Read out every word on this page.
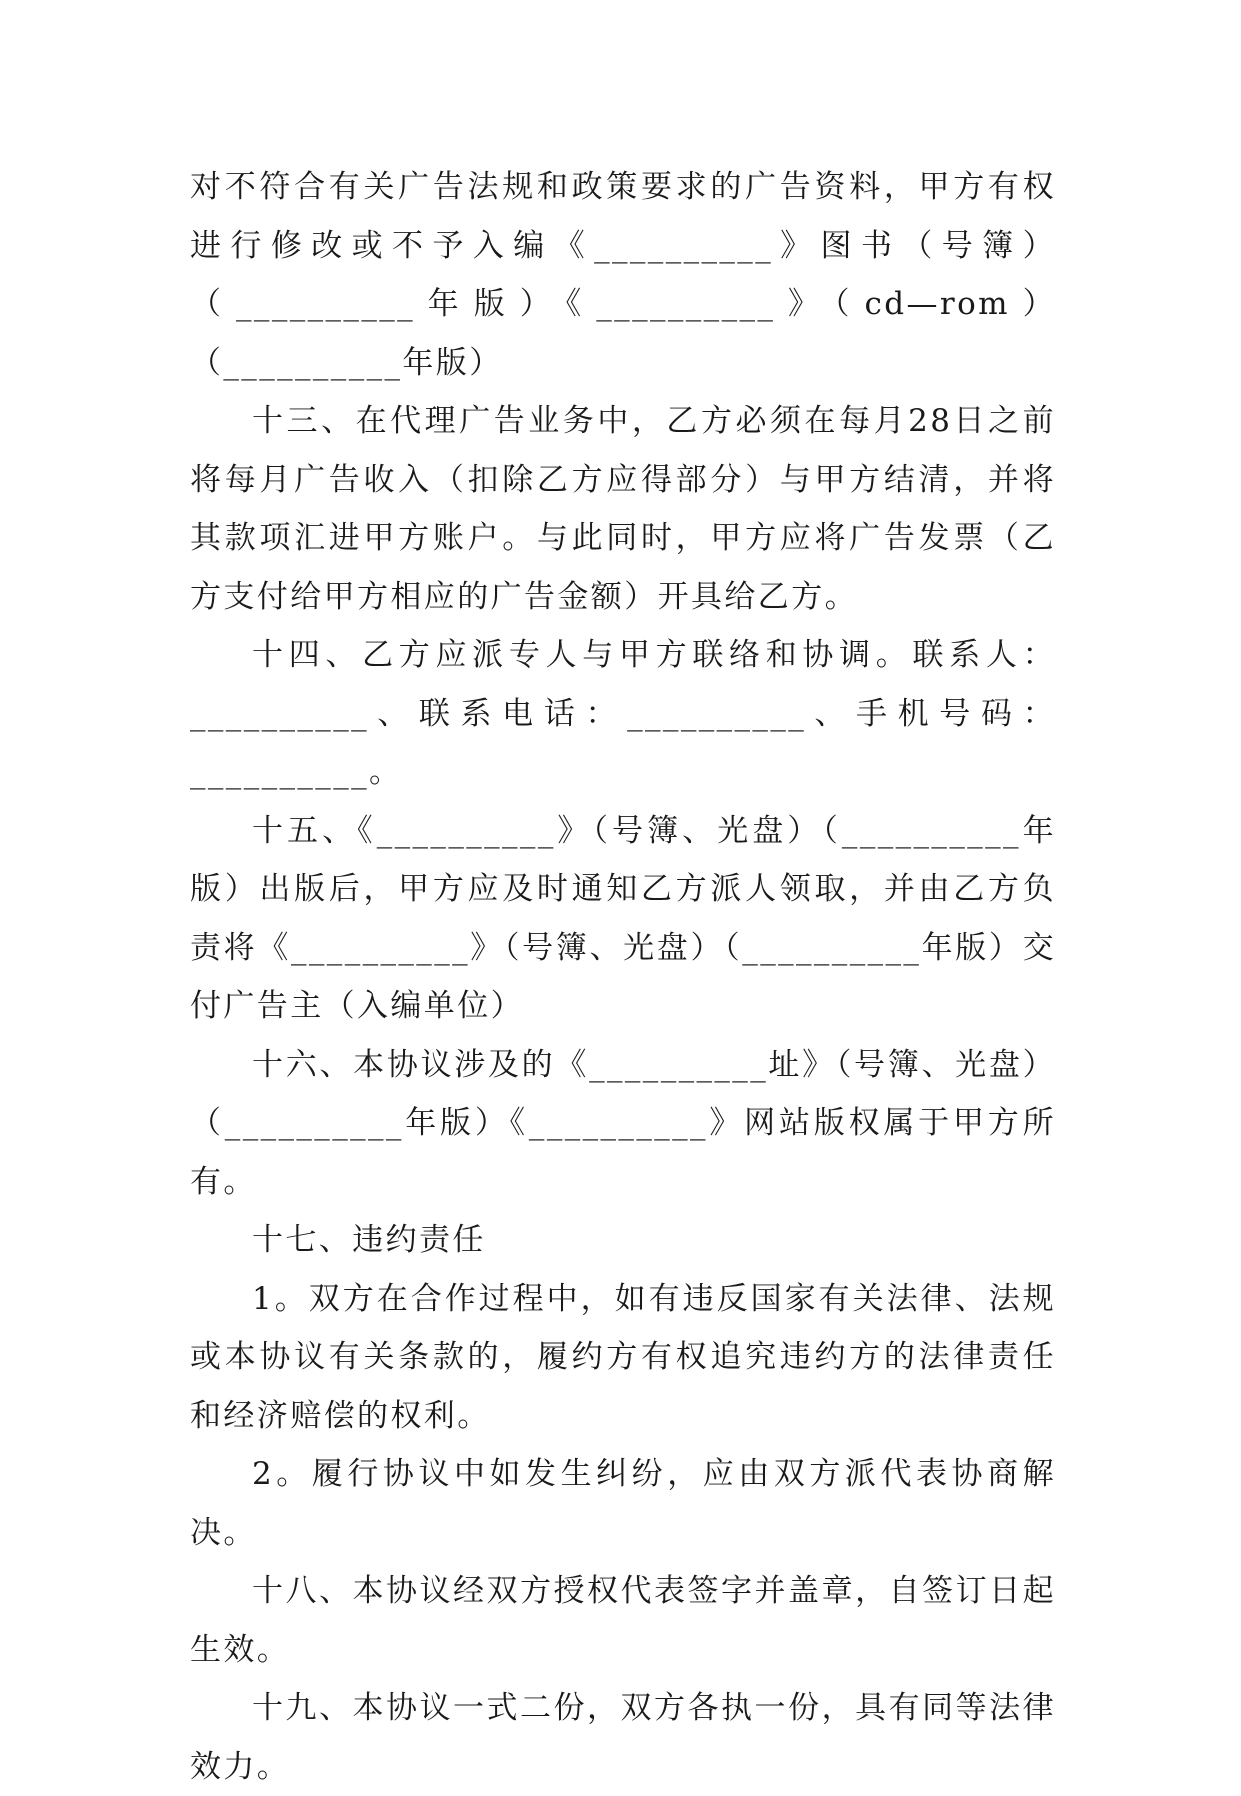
对不符合有关广告法规和政策要求的广告资料，甲方有权进行修改或不予入编《__________》图书（号簿）（__________年版）《__________》（cd—rom）（__________年版）

十三、在代理广告业务中，乙方必须在每月28日之前将每月广告收入（扣除乙方应得部分）与甲方结清，并将其款项汇进甲方账户。与此同时，甲方应将广告发票（乙方支付给甲方相应的广告金额）开具给乙方。

十四、乙方应派专人与甲方联络和协调。联系人：__________、联系电话：__________、手机号码：__________。

十五、《__________》（号簿、光盘）（__________年版）出版后，甲方应及时通知乙方派人领取，并由乙方负责将《__________》（号簿、光盘）（__________年版）交付广告主（入编单位）

十六、本协议涉及的《__________址》（号簿、光盘）（__________年版）《__________》网站版权属于甲方所有。

十七、违约责任

1。双方在合作过程中，如有违反国家有关法律、法规或本协议有关条款的，履约方有权追究违约方的法律责任和经济赔偿的权利。

2。履行协议中如发生纠纷，应由双方派代表协商解决。

十八、本协议经双方授权代表签字并盖章，自签订日起生效。

十九、本协议一式二份，双方各执一份，具有同等法律效力。
